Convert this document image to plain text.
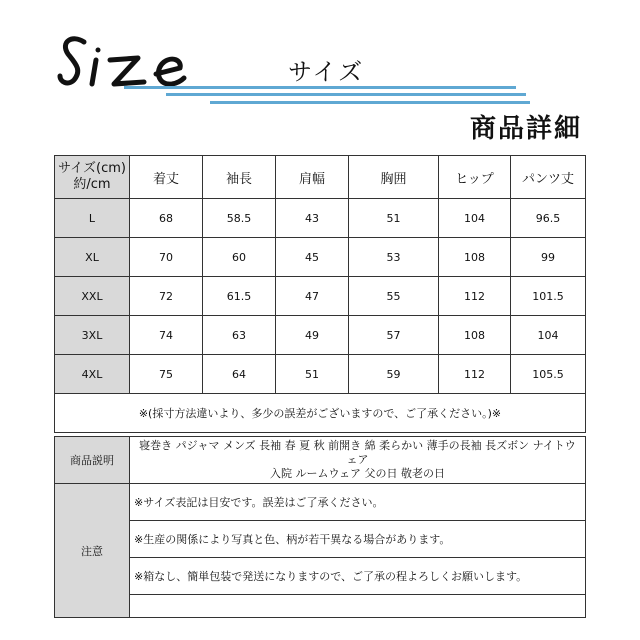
サイズ
商品詳細
サイズ(cm)
約/cm	着丈	袖長	肩幅	胸囲	ヒップ	パンツ丈
L	68	58.5	43	51	104	96.5
XL	70	60	45	53	108	99
XXL	72	61.5	47	55	112	101.5
3XL	74	63	49	57	108	104
4XL	75	64	51	59	112	105.5
※(採寸方法違いより、多少の誤差がございますので、ご了承ください。)※						
商品説明	寝巻き パジャマ メンズ 長袖 春 夏 秋 前開き 綿 柔らかい 薄手の長袖 長ズボン ナイトウェア
入院 ルームウェア 父の日 敬老の日

注意	※サイズ表記は目安です。誤差はご了承ください。
	※生産の関係により写真と色、柄が若干異なる場合があります。
	※箱なし、簡単包装で発送になりますので、ご了承の程よろしくお願いします。
